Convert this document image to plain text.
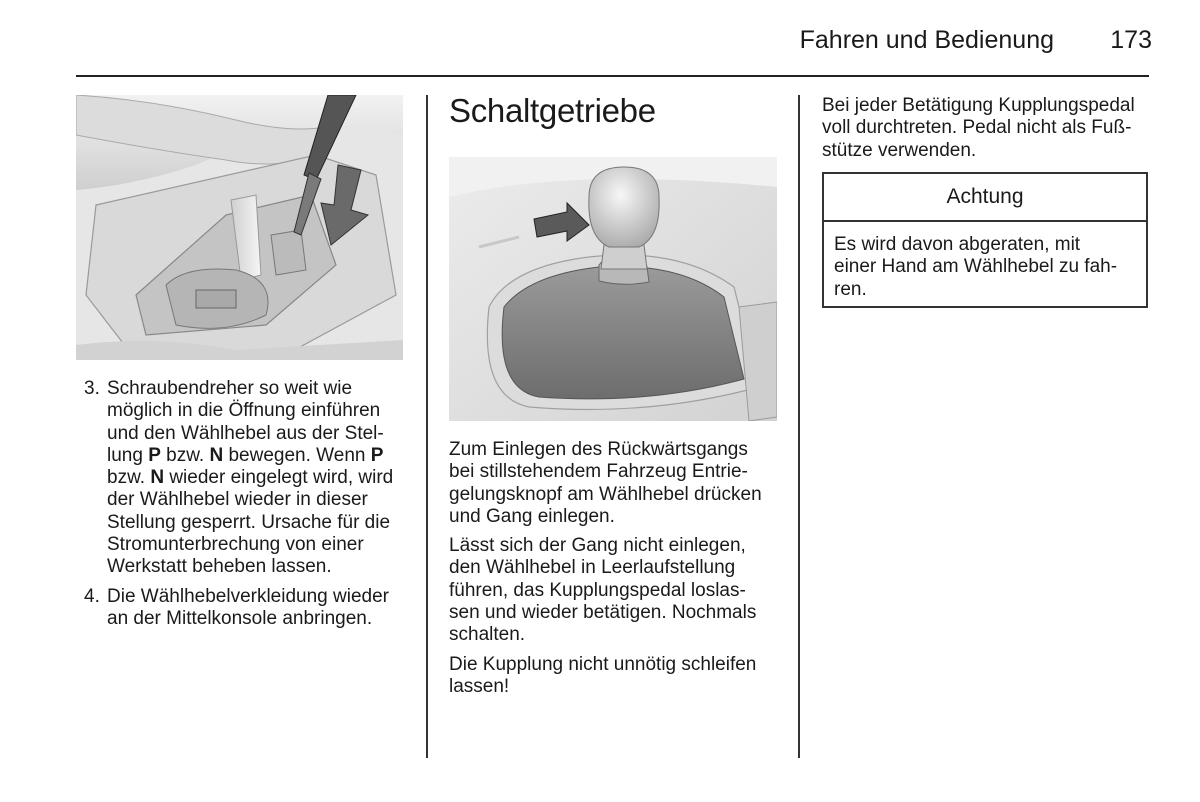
Fahren und Bedienung 173
3. Schraubendreher so weit wie
möglich in die Öffnung einführen
und den Wählhebel aus der Stel-
lung P bzw. N bewegen. Wenn P
bzw. N wieder eingelegt wird, wird
der Wählhebel wieder in dieser
Stellung gesperrt. Ursache für die
Stromunterbrechung von einer
Werkstatt beheben lassen.
4. Die Wählhebelverkleidung wieder
an der Mittelkonsole anbringen.
Schaltgetriebe

Zum Einlegen des Rückwärtsgangs
bei stillstehendem Fahrzeug Entrie-
gelungsknopf am Wählhebel drücken
und Gang einlegen.

Lässt sich der Gang nicht einlegen,
den Wählhebel in Leerlaufstellung
führen, das Kupplungspedal loslas-
sen und wieder betätigen. Nochmals
schalten.

Die Kupplung nicht unnötig schleifen
lassen!

Bei jeder Betätigung Kupplungspedal
voll durchtreten. Pedal nicht als Fuß-
stütze verwenden.

Achtung
Es wird davon abgeraten, mit
einer Hand am Wählhebel zu fah-
ren.
